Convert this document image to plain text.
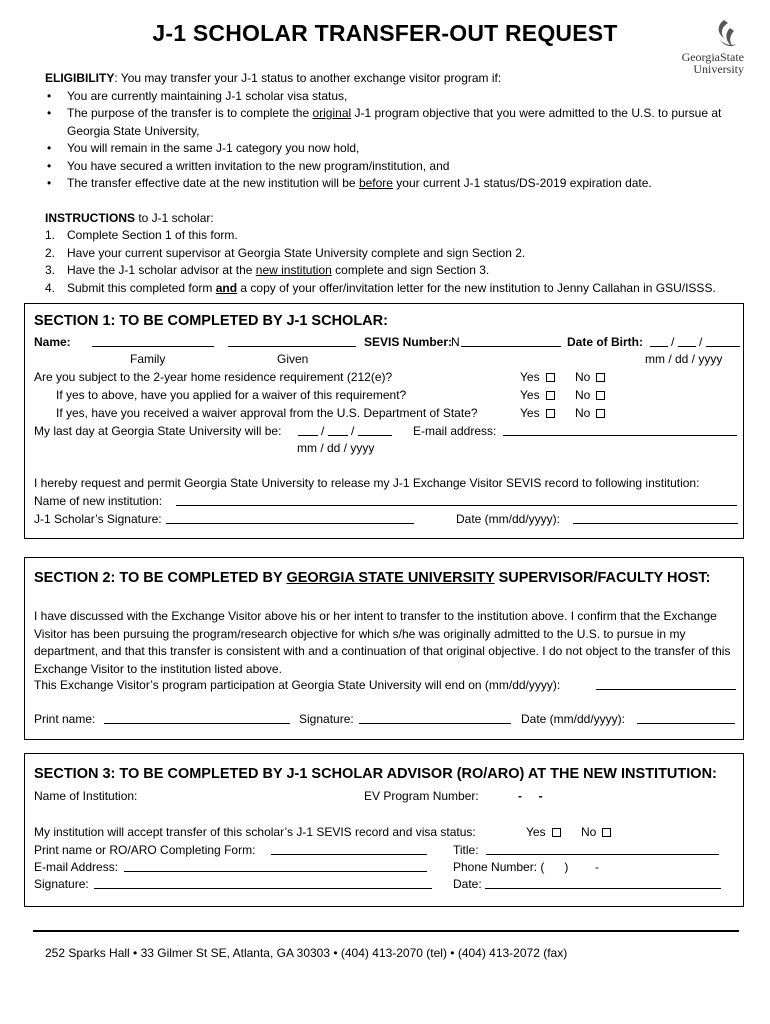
J-1 SCHOLAR TRANSFER-OUT REQUEST
GeorgiaState
University

ELIGIBILITY: You may transfer your J-1 status to another exchange visitor program if:

• You are currently maintaining J-1 scholar visa status,
• The purpose of the transfer is to complete the original J-1 program objective that you were admitted to the U.S. to pursue at Georgia State University,
• You will remain in the same J-1 category you now hold,
• You have secured a written invitation to the new program/institution, and
• The transfer effective date at the new institution will be before your current J-1 status/DS-2019 expiration date.

INSTRUCTIONS to J-1 scholar:

1. Complete Section 1 of this form.
2. Have your current supervisor at Georgia State University complete and sign Section 2.
3. Have the J-1 scholar advisor at the new institution complete and sign Section 3.
4. Submit this completed form and a copy of your offer/invitation letter for the new institution to Jenny Callahan in GSU/ISSS.
SECTION 1: TO BE COMPLETED BY J-1 SCHOLAR:
Name:	SEVIS Number:
N	Date of Birth: / /
Family	Given	mm / dd / yyyy
Are you subject to the 2-year home residence requirement (212(e)?	Yes	No
If yes to above, have you applied for a waiver of this requirement?	Yes	No
If yes, have you received a waiver approval from the U.S. Department of State?	Yes	No
My last day at Georgia State University will be:	/ /	E-mail address:
mm / dd / yyyy
I hereby request and permit Georgia State University to release my J-1 Exchange Visitor SEVIS record to following institution:
Name of new institution:
J-1 Scholar’s Signature:	Date (mm/dd/yyyy):
SECTION 2: TO BE COMPLETED BY GEORGIA STATE UNIVERSITY SUPERVISOR/FACULTY HOST:
I have discussed with the Exchange Visitor above his or her intent to transfer to the institution above. I confirm that the Exchange Visitor has been pursuing the program/research objective for which s/he was originally admitted to the U.S. to pursue in my department, and that this transfer is consistent with and a continuation of that original objective. I do not object to the transfer of this Exchange Visitor to the institution listed above.
This Exchange Visitor’s program participation at Georgia State University will end on (mm/dd/yyyy):
Print name:	Signature:	Date (mm/dd/yyyy):
SECTION 3: TO BE COMPLETED BY J-1 SCHOLAR ADVISOR (RO/ARO) AT THE NEW INSTITUTION:
Name of Institution:	EV Program Number:	-     -
My institution will accept transfer of this scholar’s J-1 SEVIS record and visa status:	Yes	No
Print name or RO/ARO Completing Form:	Title:
E-mail Address:	Phone Number: (      )        -
Signature:	Date:
252 Sparks Hall • 33 Gilmer St SE, Atlanta, GA 30303 • (404) 413-2070 (tel) • (404) 413-2072 (fax)
